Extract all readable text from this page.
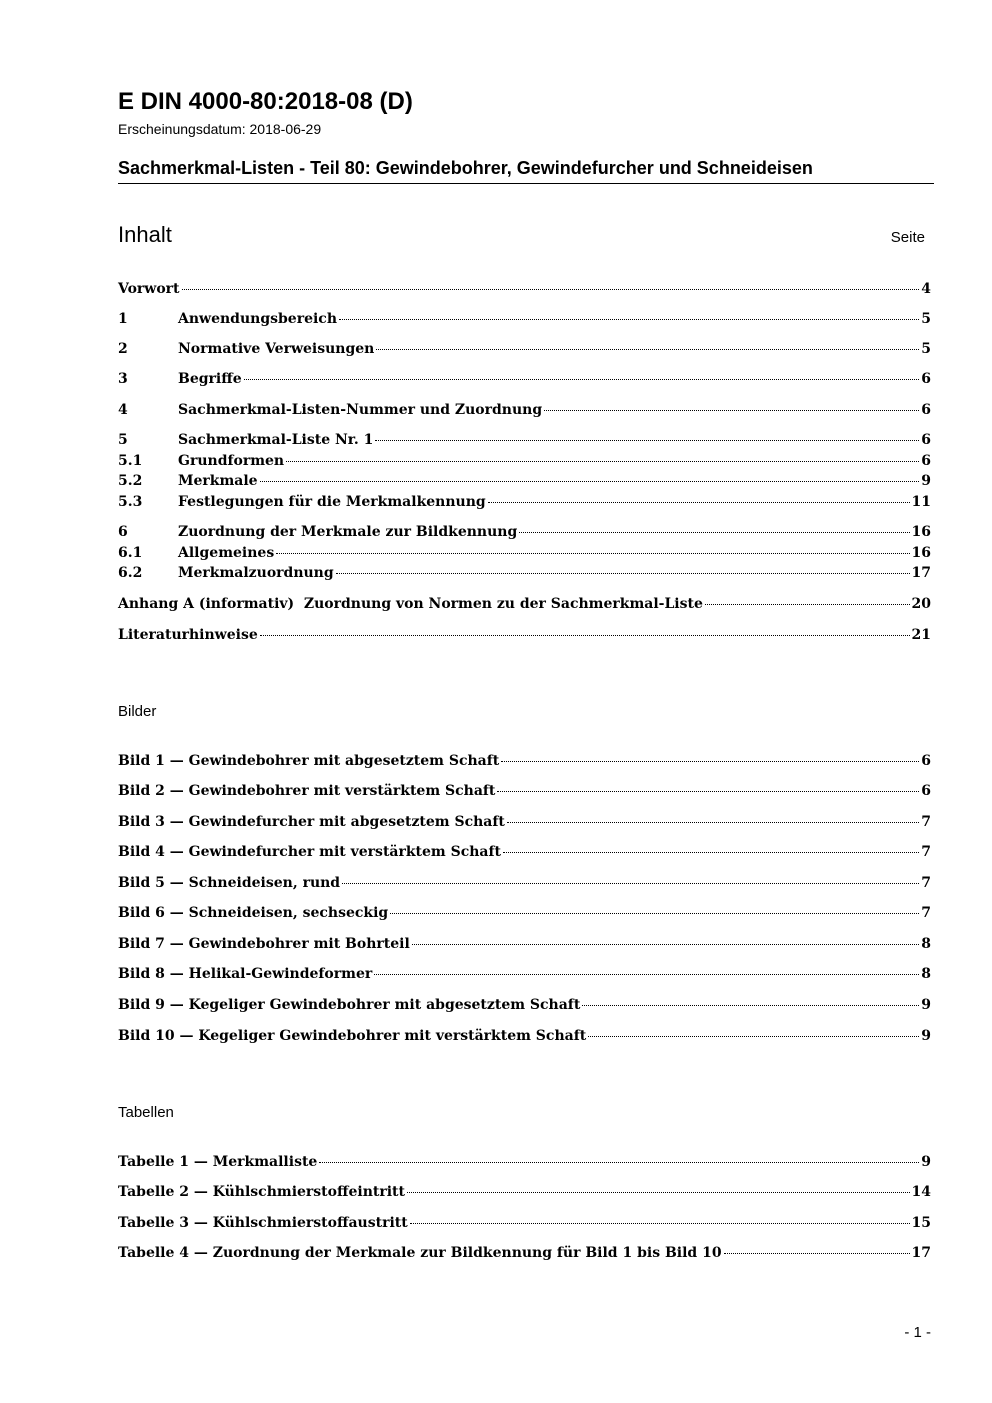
E DIN 4000-80:2018-08 (D)
Erscheinungsdatum: 2018-06-29
Sachmerkmal-Listen - Teil 80: Gewindebohrer, Gewindefurcher und Schneideisen
Inhalt	Seite
Vorwort	4
1	Anwendungsbereich	5
2	Normative Verweisungen	5
3	Begriffe	6
4	Sachmerkmal-Listen-Nummer und Zuordnung	6
5	Sachmerkmal-Liste Nr. 1	6
5.1	Grundformen	6
5.2	Merkmale	9
5.3	Festlegungen für die Merkmalkennung	11
6	Zuordnung der Merkmale zur Bildkennung	16
6.1	Allgemeines	16
6.2	Merkmalzuordnung	17
Anhang A (informativ)  Zuordnung von Normen zu der Sachmerkmal-Liste	20
Literaturhinweise	21
Bilder
Bild 1 — Gewindebohrer mit abgesetztem Schaft	6
Bild 2 — Gewindebohrer mit verstärktem Schaft	6
Bild 3 — Gewindefurcher mit abgesetztem Schaft	7
Bild 4 — Gewindefurcher mit verstärktem Schaft	7
Bild 5 — Schneideisen, rund	7
Bild 6 — Schneideisen, sechseckig	7
Bild 7 — Gewindebohrer mit Bohrteil	8
Bild 8 — Helikal-Gewindeformer	8
Bild 9 — Kegeliger Gewindebohrer mit abgesetztem Schaft	9
Bild 10 — Kegeliger Gewindebohrer mit verstärktem Schaft	9
Tabellen
Tabelle 1 — Merkmalliste	9
Tabelle 2 — Kühlschmierstoffeintritt	14
Tabelle 3 — Kühlschmierstoffaustritt	15
Tabelle 4 — Zuordnung der Merkmale zur Bildkennung für Bild 1 bis Bild 10	17
- 1 -
